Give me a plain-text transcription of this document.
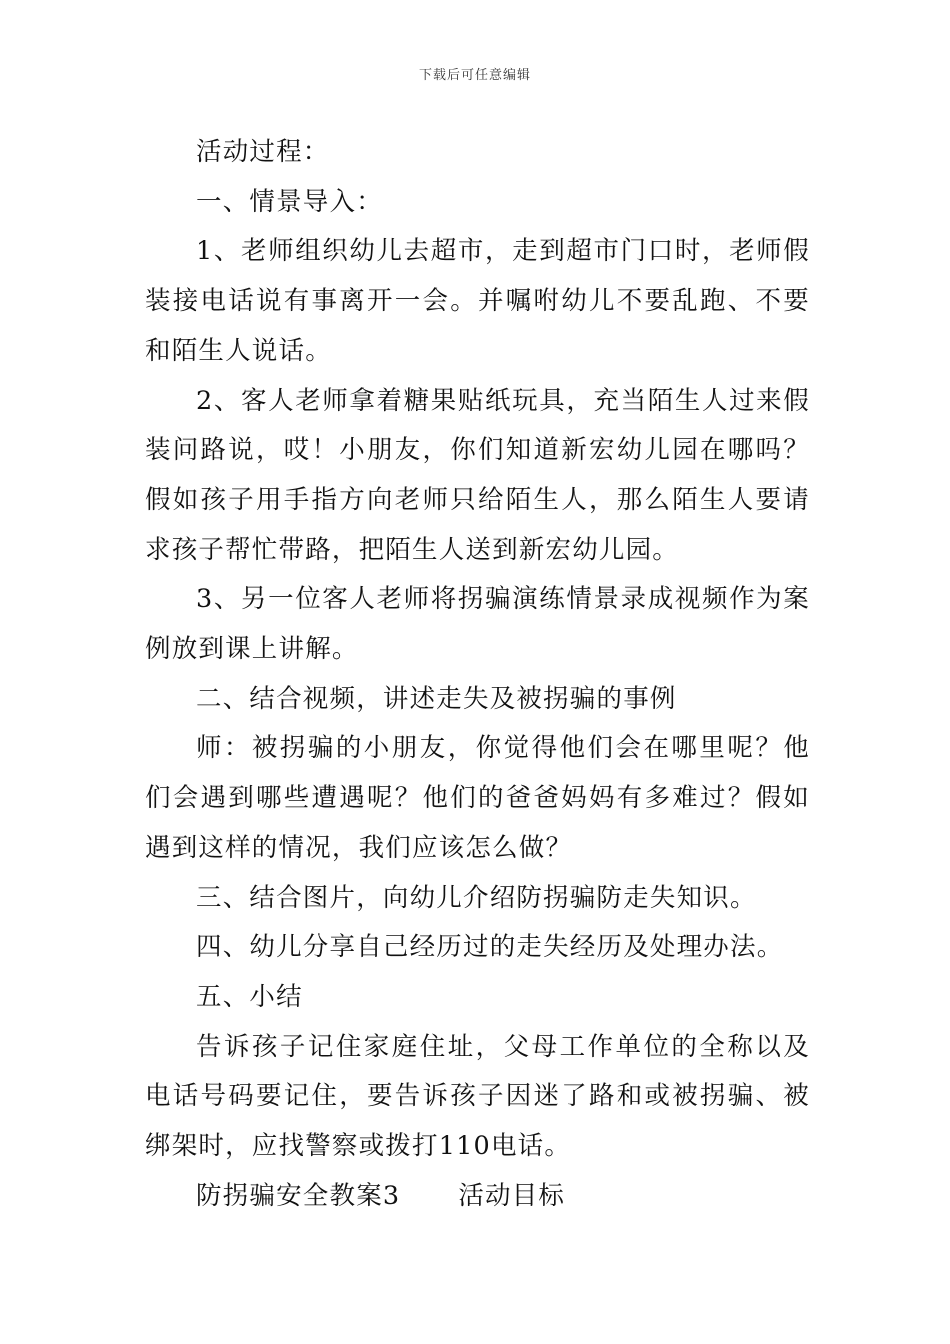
下载后可任意编辑

活动过程：

一、情景导入：

1、老师组织幼儿去超市，走到超市门口时，老师假装接电话说有事离开一会。并嘱咐幼儿不要乱跑、不要和陌生人说话。

2、客人老师拿着糖果贴纸玩具，充当陌生人过来假装问路说，哎！小朋友，你们知道新宏幼儿园在哪吗？假如孩子用手指方向老师只给陌生人，那么陌生人要请求孩子帮忙带路，把陌生人送到新宏幼儿园。

3、另一位客人老师将拐骗演练情景录成视频作为案例放到课上讲解。

二、结合视频，讲述走失及被拐骗的事例

师：被拐骗的小朋友，你觉得他们会在哪里呢？他们会遇到哪些遭遇呢？他们的爸爸妈妈有多难过？假如遇到这样的情况，我们应该怎么做？

三、结合图片，向幼儿介绍防拐骗防走失知识。

四、幼儿分享自己经历过的走失经历及处理办法。

五、小结

告诉孩子记住家庭住址，父母工作单位的全称以及电话号码要记住，要告诉孩子因迷了路和或被拐骗、被绑架时，应找警察或拨打110电话。

防拐骗安全教案3 活动目标
